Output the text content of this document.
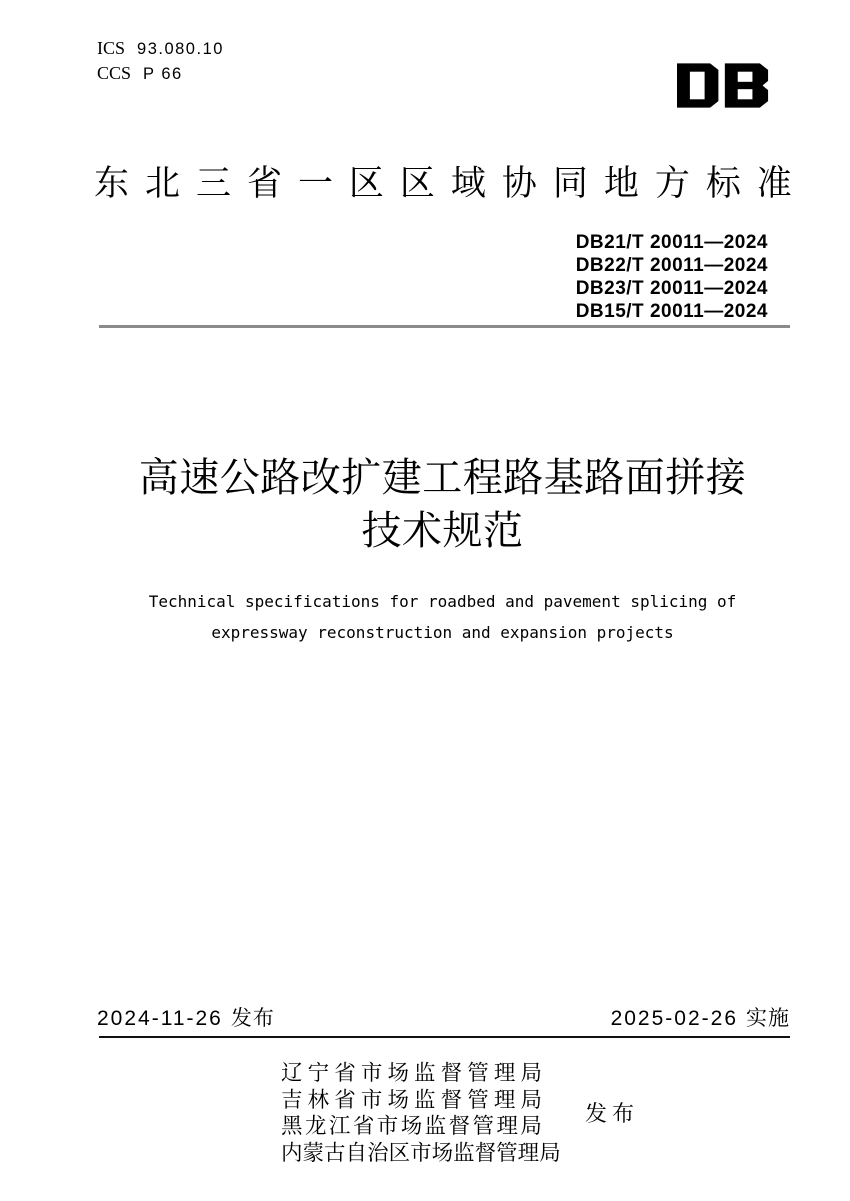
ICS 93.080.10
CCS P 66
东 北 三 省 一 区 区 域 协 同 地 方 标 准
DB21/T 20011—2024
DB22/T 20011—2024
DB23/T 20011—2024
DB15/T 20011—2024
高速公路改扩建工程路基路面拼接
技术规范
Technical specifications for roadbed and pavement splicing of
expressway reconstruction and expansion projects
2024-11-26 发布	2025-02-26 实施
辽 宁 省 市 场 监 督 管 理 局
吉 林 省 市 场 监 督 管 理 局
黑 龙 江 省 市 场 监 督 管 理 局
内 蒙 古 自 治 区 市 场 监 督 管 理 局
发布
